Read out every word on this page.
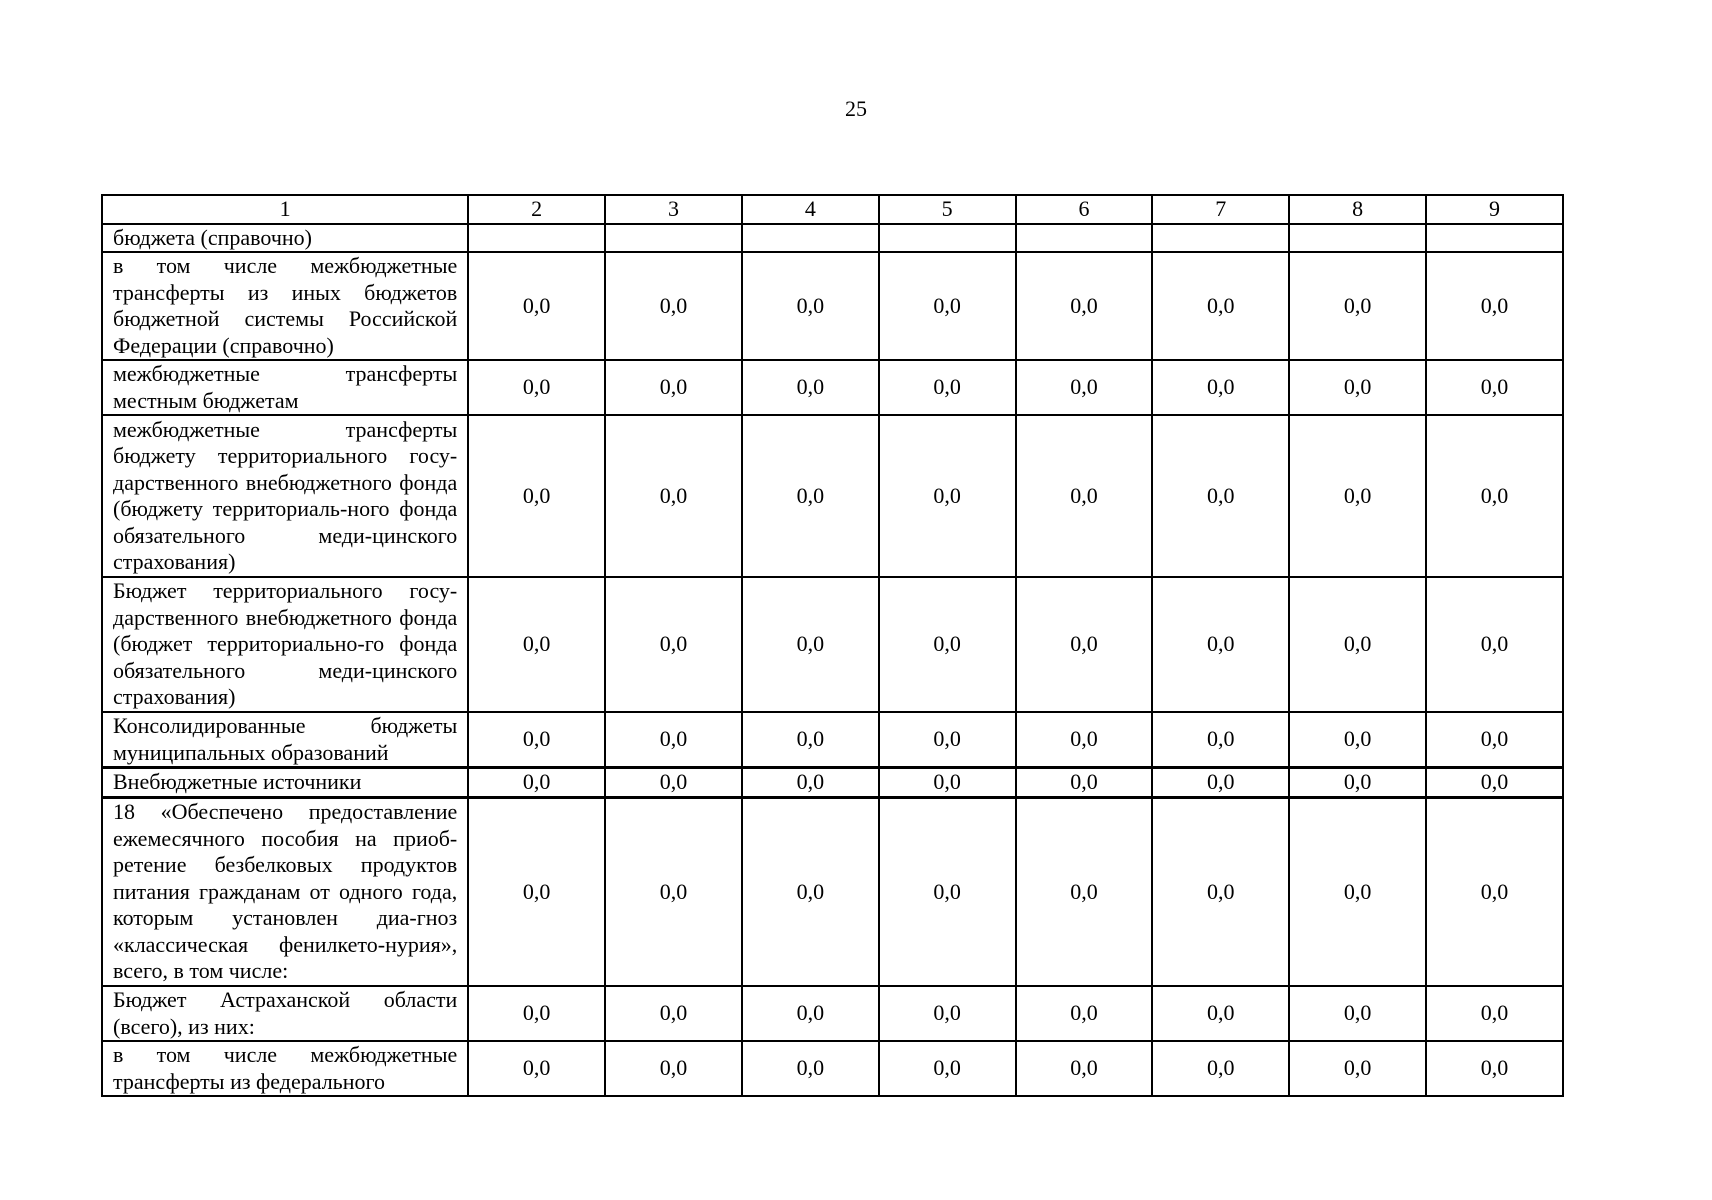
25
1	2	3	4	5	6	7	8	9
бюджета (справочно)								
в том числе межбюджетные трансферты из иных бюджетов бюджетной системы Российской Федерации (справочно)	0,0	0,0	0,0	0,0	0,0	0,0	0,0	0,0
межбюджетные трансферты местным бюджетам	0,0	0,0	0,0	0,0	0,0	0,0	0,0	0,0
межбюджетные трансферты бюджету территориального госу-дарственного внебюджетного фонда (бюджету территориаль-ного фонда обязательного меди-цинского страхования)	0,0	0,0	0,0	0,0	0,0	0,0	0,0	0,0
Бюджет территориального госу-дарственного внебюджетного фонда (бюджет территориально-го фонда обязательного меди-цинского страхования)	0,0	0,0	0,0	0,0	0,0	0,0	0,0	0,0
Консолидированные бюджеты муниципальных образований	0,0	0,0	0,0	0,0	0,0	0,0	0,0	0,0
Внебюджетные источники	0,0	0,0	0,0	0,0	0,0	0,0	0,0	0,0
18 «Обеспечено предоставление ежемесячного пособия на приоб-ретение безбелковых продуктов питания гражданам от одного года, которым установлен диа-гноз «классическая фенилкето-нурия», всего, в том числе:	0,0	0,0	0,0	0,0	0,0	0,0	0,0	0,0
Бюджет Астраханской области (всего), из них:	0,0	0,0	0,0	0,0	0,0	0,0	0,0	0,0
в том числе межбюджетные трансферты из федерального	0,0	0,0	0,0	0,0	0,0	0,0	0,0	0,0
